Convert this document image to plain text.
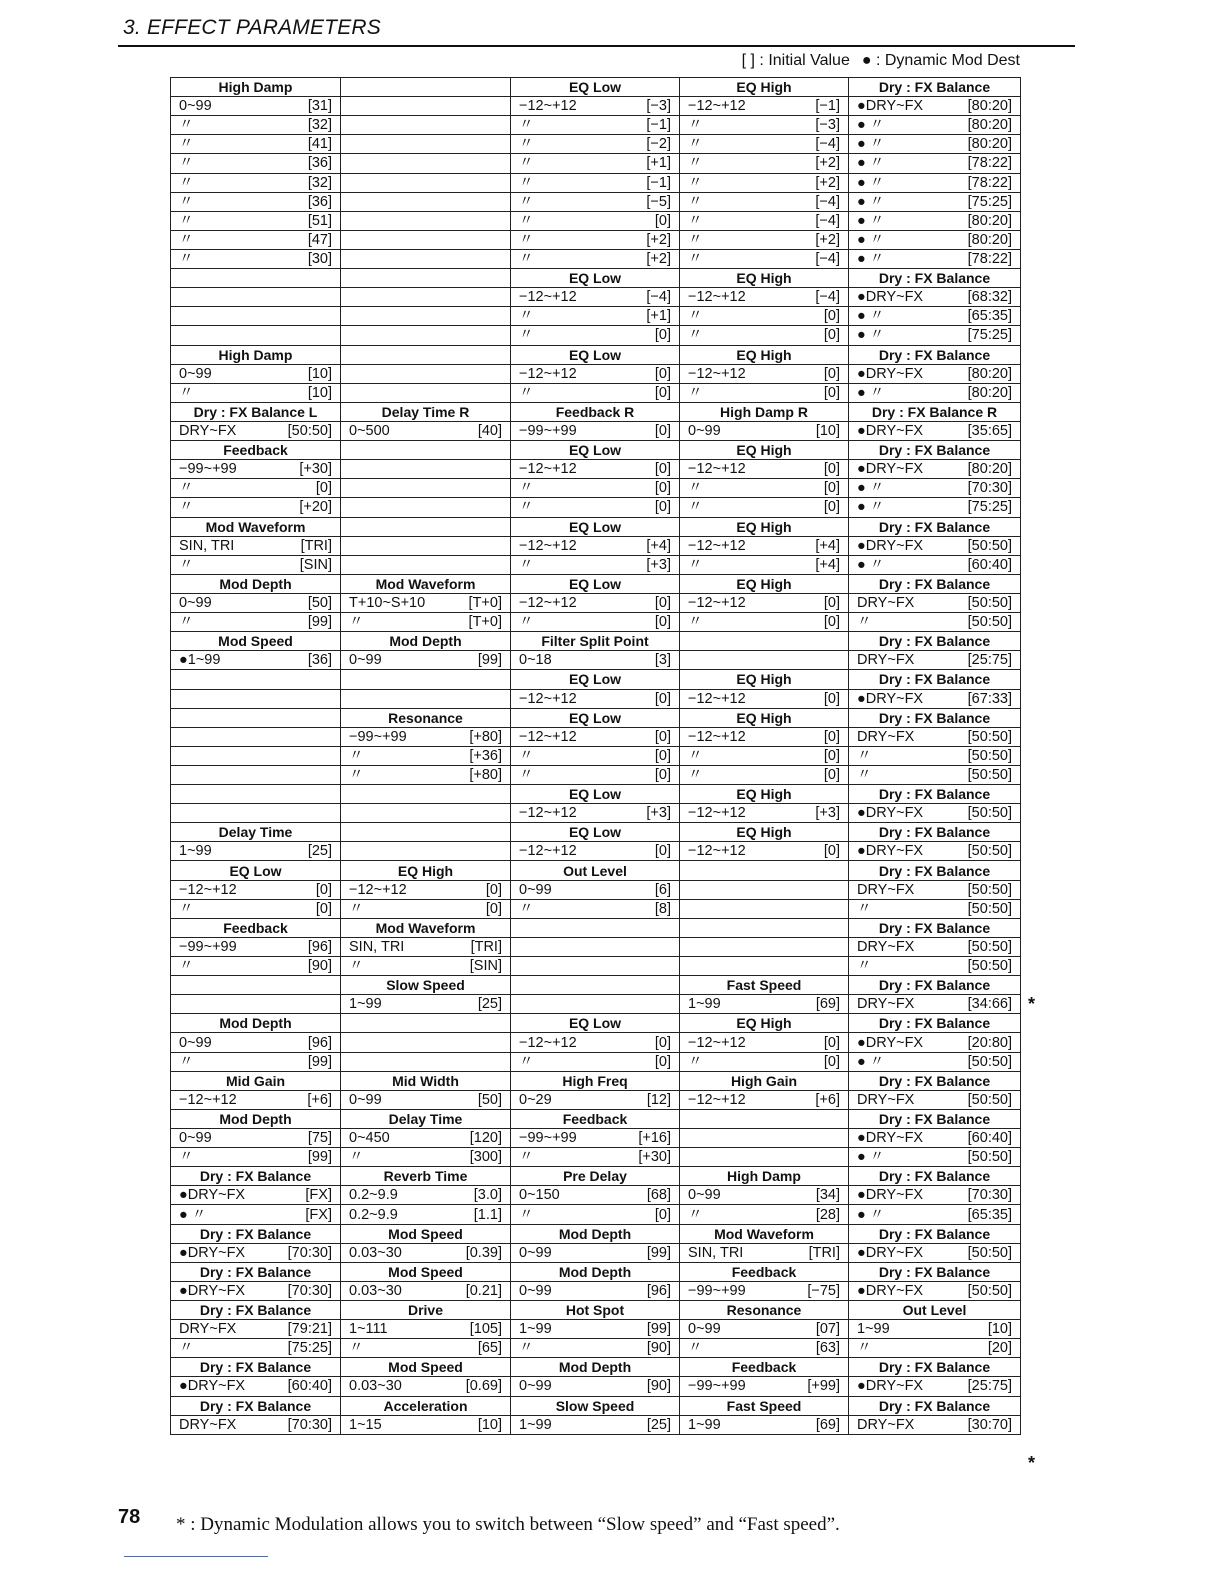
3. EFFECT PARAMETERS
[ ] : Initial Value ● : Dynamic Mod Dest
High Damp		EQ Low	EQ High	Dry : FX Balance
0~99 [31]		−12~+12 [−3]	−12~+12 [−1]	●DRY~FX [80:20]

〃 [32]		〃 [−1]	〃 [−3]	● 〃 [80:20]

〃 [41]		〃 [−2]	〃 [−4]	● 〃 [80:20]

〃 [36]		〃 [+1]	〃 [+2]	● 〃 [78:22]

〃 [32]		〃 [−1]	〃 [+2]	● 〃 [78:22]

〃 [36]		〃 [−5]	〃 [−4]	● 〃 [75:25]

〃 [51]		〃 [0]	〃 [−4]	● 〃 [80:20]

〃 [47]		〃 [+2]	〃 [+2]	● 〃 [80:20]

〃 [30]		〃 [+2]	〃 [−4]	● 〃 [78:22]

		EQ Low	EQ High	Dry : FX Balance
		−12~+12 [−4]	−12~+12 [−4]	●DRY~FX [68:32]

		〃 [+1]	〃 [0]	● 〃 [65:35]

		〃 [0]	〃 [0]	● 〃 [75:25]

High Damp		EQ Low	EQ High	Dry : FX Balance
0~99 [10]		−12~+12 [0]	−12~+12 [0]	●DRY~FX [80:20]

〃 [10]		〃 [0]	〃 [0]	● 〃 [80:20]

Dry : FX Balance L	Delay Time R	Feedback R	High Damp R	Dry : FX Balance R
DRY~FX [50:50]	0~500 [40]	−99~+99 [0]	0~99 [10]	●DRY~FX [35:65]

Feedback		EQ Low	EQ High	Dry : FX Balance
−99~+99 [+30]		−12~+12 [0]	−12~+12 [0]	●DRY~FX [80:20]

〃 [0]		〃 [0]	〃 [0]	● 〃 [70:30]

〃 [+20]		〃 [0]	〃 [0]	● 〃 [75:25]

Mod Waveform		EQ Low	EQ High	Dry : FX Balance
SIN, TRI [TRI]		−12~+12 [+4]	−12~+12 [+4]	●DRY~FX [50:50]

〃 [SIN]		〃 [+3]	〃 [+4]	● 〃 [60:40]

Mod Depth	Mod Waveform	EQ Low	EQ High	Dry : FX Balance
0~99 [50]	T+10~S+10 [T+0]	−12~+12 [0]	−12~+12 [0]	DRY~FX [50:50]

〃 [99]	〃 [T+0]	〃 [0]	〃 [0]	〃 [50:50]

Mod Speed	Mod Depth	Filter Split Point		Dry : FX Balance
●1~99 [36]	0~99 [99]	0~18 [3]		DRY~FX [25:75]

		EQ Low	EQ High	Dry : FX Balance
		−12~+12 [0]	−12~+12 [0]	●DRY~FX [67:33]

	Resonance	EQ Low	EQ High	Dry : FX Balance
	−99~+99 [+80]	−12~+12 [0]	−12~+12 [0]	DRY~FX [50:50]

	〃 [+36]	〃 [0]	〃 [0]	〃 [50:50]

	〃 [+80]	〃 [0]	〃 [0]	〃 [50:50]

		EQ Low	EQ High	Dry : FX Balance
		−12~+12 [+3]	−12~+12 [+3]	●DRY~FX [50:50]

Delay Time		EQ Low	EQ High	Dry : FX Balance
1~99 [25]		−12~+12 [0]	−12~+12 [0]	●DRY~FX [50:50]

EQ Low	EQ High	Out Level		Dry : FX Balance
−12~+12 [0]	−12~+12 [0]	0~99 [6]		DRY~FX [50:50]

〃 [0]	〃 [0]	〃 [8]		〃 [50:50]

Feedback	Mod Waveform			Dry : FX Balance
−99~+99 [96]	SIN, TRI [TRI]			DRY~FX [50:50]

〃 [90]	〃 [SIN]			〃 [50:50]

	Slow Speed		Fast Speed	Dry : FX Balance
	1~99 [25]		1~99 [69]	DRY~FX [34:66]

Mod Depth		EQ Low	EQ High	Dry : FX Balance
0~99 [96]		−12~+12 [0]	−12~+12 [0]	●DRY~FX [20:80]

〃 [99]		〃 [0]	〃 [0]	● 〃 [50:50]

Mid Gain	Mid Width	High Freq	High Gain	Dry : FX Balance
−12~+12 [+6]	0~99 [50]	0~29 [12]	−12~+12 [+6]	DRY~FX [50:50]

Mod Depth	Delay Time	Feedback		Dry : FX Balance
0~99 [75]	0~450 [120]	−99~+99 [+16]		●DRY~FX [60:40]

〃 [99]	〃 [300]	〃 [+30]		● 〃 [50:50]

Dry : FX Balance	Reverb Time	Pre Delay	High Damp	Dry : FX Balance
●DRY~FX [FX]	0.2~9.9 [3.0]	0~150 [68]	0~99 [34]	●DRY~FX [70:30]

● 〃 [FX]	0.2~9.9 [1.1]	〃 [0]	〃 [28]	● 〃 [65:35]

Dry : FX Balance	Mod Speed	Mod Depth	Mod Waveform	Dry : FX Balance
●DRY~FX [70:30]	0.03~30 [0.39]	0~99 [99]	SIN, TRI [TRI]	●DRY~FX [50:50]

Dry : FX Balance	Mod Speed	Mod Depth	Feedback	Dry : FX Balance
●DRY~FX [70:30]	0.03~30 [0.21]	0~99 [96]	−99~+99 [−75]	●DRY~FX [50:50]

Dry : FX Balance	Drive	Hot Spot	Resonance	Out Level
DRY~FX [79:21]	1~111 [105]	1~99 [99]	0~99 [07]	1~99 [10]

〃 [75:25]	〃 [65]	〃 [90]	〃 [63]	〃 [20]

Dry : FX Balance	Mod Speed	Mod Depth	Feedback	Dry : FX Balance
●DRY~FX [60:40]	0.03~30 [0.69]	0~99 [90]	−99~+99 [+99]	●DRY~FX [25:75]

Dry : FX Balance	Acceleration	Slow Speed	Fast Speed	Dry : FX Balance
DRY~FX [70:30]	1~15 [10]	1~99 [25]	1~99 [69]	DRY~FX [30:70]
*
*
78 * : Dynamic Modulation allows you to switch between “Slow speed” and “Fast speed”.
